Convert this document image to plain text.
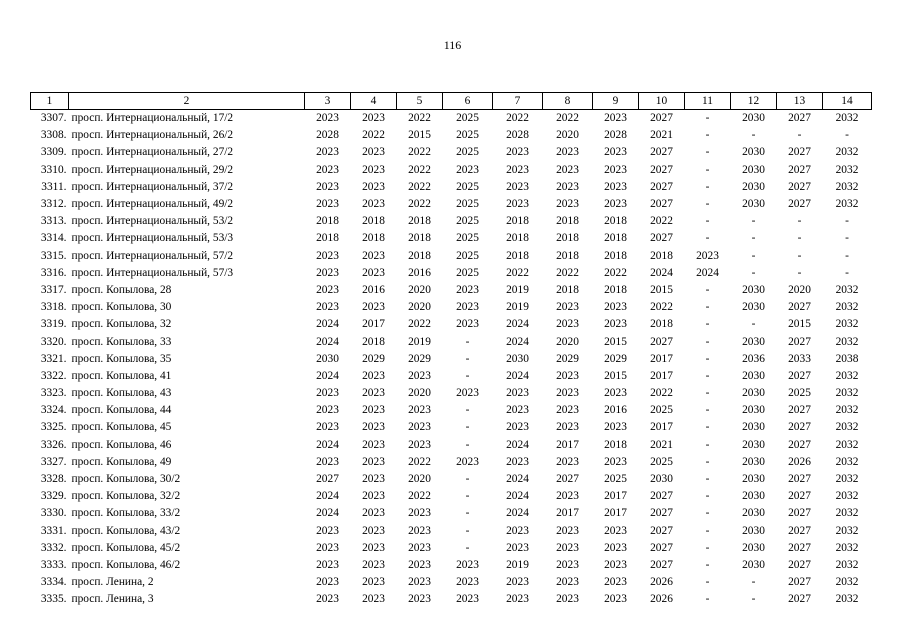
116
1	2	3	4	5	6	7	8	9	10	11	12	13	14
3307.	просп. Интернациональный, 17/2	2023	2023	2022	2025	2022	2022	2023	2027	-	2030	2027	2032
3308.	просп. Интернациональный, 26/2	2028	2022	2015	2025	2028	2020	2028	2021	-	-	-	-
3309.	просп. Интернациональный, 27/2	2023	2023	2022	2025	2023	2023	2023	2027	-	2030	2027	2032
3310.	просп. Интернациональный, 29/2	2023	2023	2022	2023	2023	2023	2023	2027	-	2030	2027	2032
3311.	просп. Интернациональный, 37/2	2023	2023	2022	2025	2023	2023	2023	2027	-	2030	2027	2032
3312.	просп. Интернациональный, 49/2	2023	2023	2022	2025	2023	2023	2023	2027	-	2030	2027	2032
3313.	просп. Интернациональный, 53/2	2018	2018	2018	2025	2018	2018	2018	2022	-	-	-	-
3314.	просп. Интернациональный, 53/3	2018	2018	2018	2025	2018	2018	2018	2027	-	-	-	-
3315.	просп. Интернациональный, 57/2	2023	2023	2018	2025	2018	2018	2018	2018	2023	-	-	-
3316.	просп. Интернациональный, 57/3	2023	2023	2016	2025	2022	2022	2022	2024	2024	-	-	-
3317.	просп. Копылова, 28	2023	2016	2020	2023	2019	2018	2018	2015	-	2030	2020	2032
3318.	просп. Копылова, 30	2023	2023	2020	2023	2019	2023	2023	2022	-	2030	2027	2032
3319.	просп. Копылова, 32	2024	2017	2022	2023	2024	2023	2023	2018	-	-	2015	2032
3320.	просп. Копылова, 33	2024	2018	2019	-	2024	2020	2015	2027	-	2030	2027	2032
3321.	просп. Копылова, 35	2030	2029	2029	-	2030	2029	2029	2017	-	2036	2033	2038
3322.	просп. Копылова, 41	2024	2023	2023	-	2024	2023	2015	2017	-	2030	2027	2032
3323.	просп. Копылова, 43	2023	2023	2020	2023	2023	2023	2023	2022	-	2030	2025	2032
3324.	просп. Копылова, 44	2023	2023	2023	-	2023	2023	2016	2025	-	2030	2027	2032
3325.	просп. Копылова, 45	2023	2023	2023	-	2023	2023	2023	2017	-	2030	2027	2032
3326.	просп. Копылова, 46	2024	2023	2023	-	2024	2017	2018	2021	-	2030	2027	2032
3327.	просп. Копылова, 49	2023	2023	2022	2023	2023	2023	2023	2025	-	2030	2026	2032
3328.	просп. Копылова, 30/2	2027	2023	2020	-	2024	2027	2025	2030	-	2030	2027	2032
3329.	просп. Копылова, 32/2	2024	2023	2022	-	2024	2023	2017	2027	-	2030	2027	2032
3330.	просп. Копылова, 33/2	2024	2023	2023	-	2024	2017	2017	2027	-	2030	2027	2032
3331.	просп. Копылова, 43/2	2023	2023	2023	-	2023	2023	2023	2027	-	2030	2027	2032
3332.	просп. Копылова, 45/2	2023	2023	2023	-	2023	2023	2023	2027	-	2030	2027	2032
3333.	просп. Копылова, 46/2	2023	2023	2023	2023	2019	2023	2023	2027	-	2030	2027	2032
3334.	просп. Ленина, 2	2023	2023	2023	2023	2023	2023	2023	2026	-	-	2027	2032
3335.	просп. Ленина, 3	2023	2023	2023	2023	2023	2023	2023	2026	-	-	2027	2032
